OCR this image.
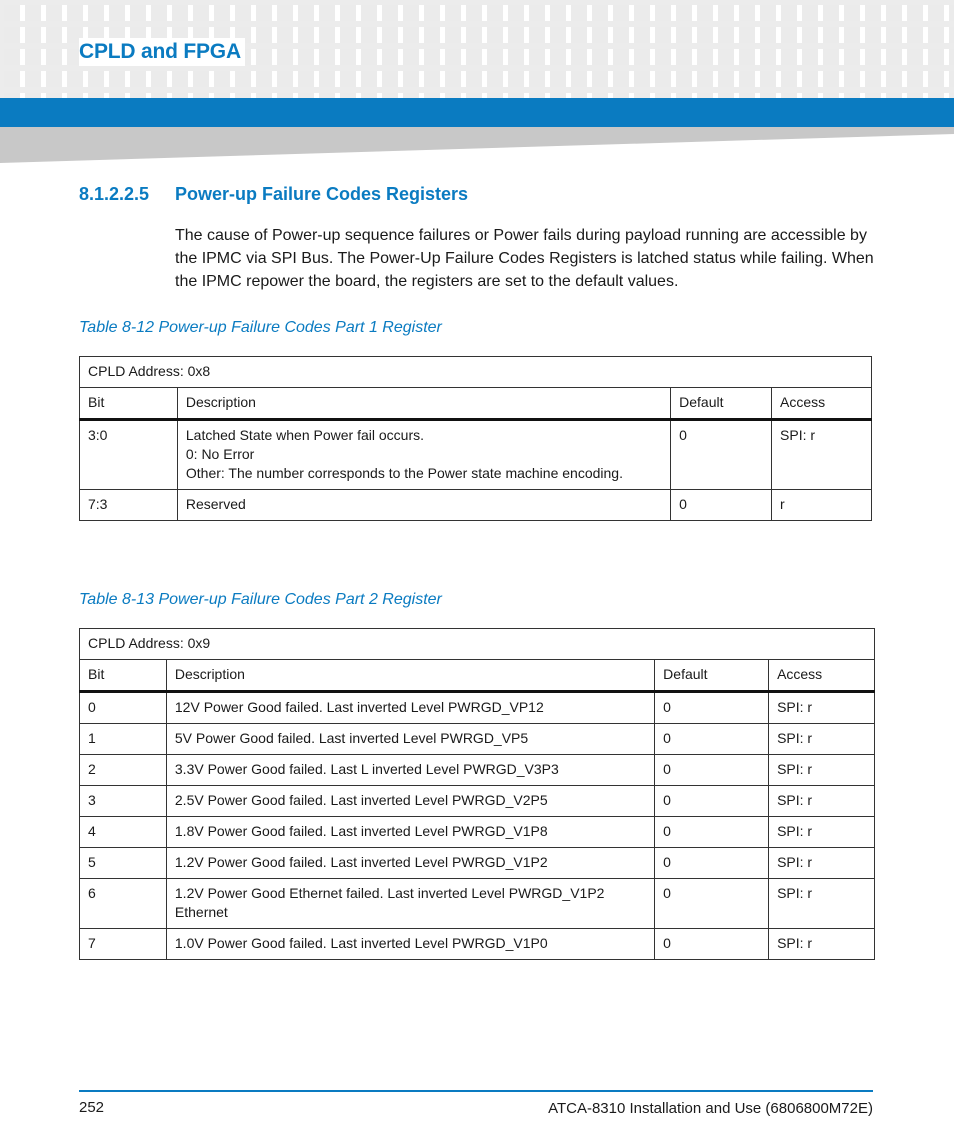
CPLD and FPGA
8.1.2.2.5 Power-up Failure Codes Registers

The cause of Power-up sequence failures or Power fails during payload running are accessible by the IPMC via SPI Bus. The Power-Up Failure Codes Registers is latched status while failing. When the IPMC repower the board, the registers are set to the default values.

Table 8-12 Power-up Failure Codes Part 1 Register

CPLD Address: 0x8			
Bit	Description	Default	Access
3:0	Latched State when Power fail occurs.
0: No Error
Other: The number corresponds to the Power state machine encoding.	0	SPI: r
7:3	Reserved	0	r

Table 8-13 Power-up Failure Codes Part 2 Register

CPLD Address: 0x9			
Bit	Description	Default	Access
0	12V Power Good failed. Last inverted Level PWRGD_VP12	0	SPI: r
1	5V Power Good failed. Last inverted Level PWRGD_VP5	0	SPI: r
2	3.3V Power Good failed. Last L inverted Level PWRGD_V3P3	0	SPI: r
3	2.5V Power Good failed. Last inverted Level PWRGD_V2P5	0	SPI: r
4	1.8V Power Good failed. Last inverted Level PWRGD_V1P8	0	SPI: r
5	1.2V Power Good failed. Last inverted Level PWRGD_V1P2	0	SPI: r
6	1.2V Power Good Ethernet failed. Last inverted Level PWRGD_V1P2
Ethernet	0	SPI: r
7	1.0V Power Good failed. Last inverted Level PWRGD_V1P0	0	SPI: r

252	ATCA-8310 Installation and Use (6806800M72E)
